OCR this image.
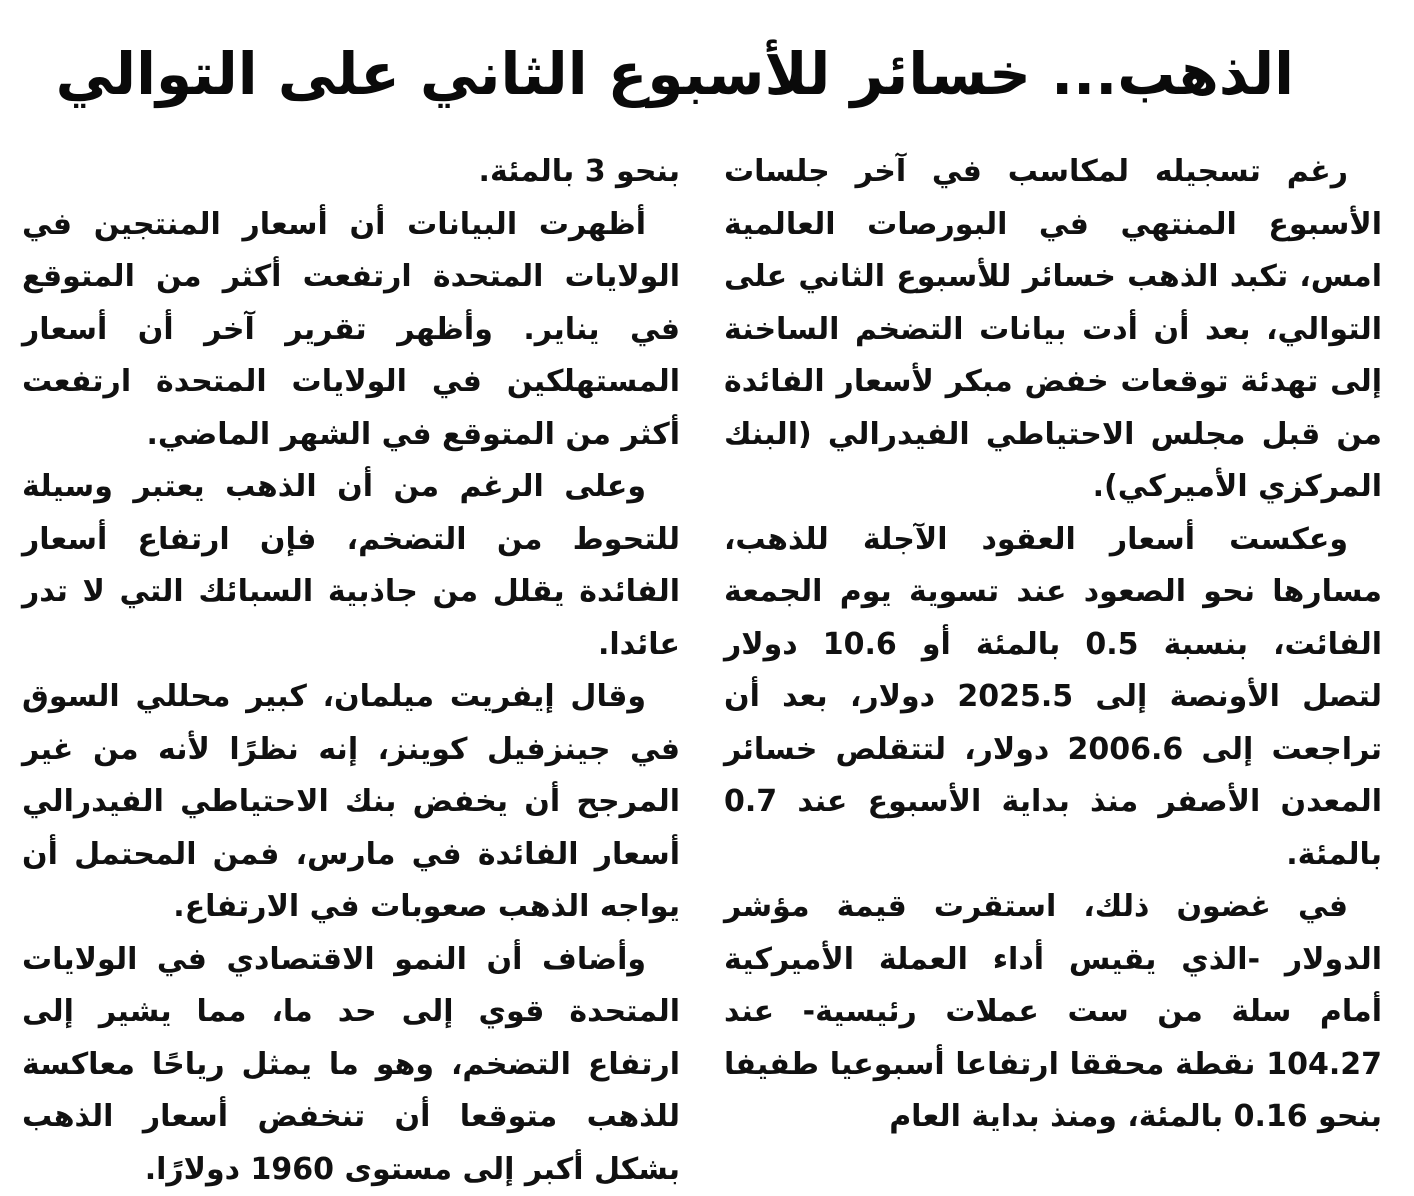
الذهب... خسائر للأسبوع الثاني على التوالي

رغم تسجيله لمكاسب في آخر جلسات الأسبوع المنتهي في البورصات العالمية امس، تكبد الذهب خسائر للأسبوع الثاني على التوالي، بعد أن أدت بيانات التضخم الساخنة إلى تهدئة توقعات خفض مبكر لأسعار الفائدة من قبل مجلس الاحتياطي الفيدرالي (البنك المركزي الأميركي).

وعكست أسعار العقود الآجلة للذهب، مسارها نحو الصعود عند تسوية يوم الجمعة الفائت، بنسبة 0.5 بالمئة أو 10.6 دولار لتصل الأونصة إلى 2025.5 دولار، بعد أن تراجعت إلى 2006.6 دولار، لتتقلص خسائر المعدن الأصفر منذ بداية الأسبوع عند 0.7 بالمئة.

في غضون ذلك، استقرت قيمة مؤشر الدولار -الذي يقيس أداء العملة الأميركية أمام سلة من ست عملات رئيسية- عند 104.27 نقطة محققا ارتفاعا أسبوعيا طفيفا بنحو 0.16 بالمئة، ومنذ بداية العام

بنحو 3 بالمئة.

أظهرت البيانات أن أسعار المنتجين في الولايات المتحدة ارتفعت أكثر من المتوقع في يناير. وأظهر تقرير آخر أن أسعار المستهلكين في الولايات المتحدة ارتفعت أكثر من المتوقع في الشهر الماضي.

وعلى الرغم من أن الذهب يعتبر وسيلة للتحوط من التضخم، فإن ارتفاع أسعار الفائدة يقلل من جاذبية السبائك التي لا تدر عائدا.

وقال إيفريت ميلمان، كبير محللي السوق في جينزفيل كوينز، إنه نظرًا لأنه من غير المرجح أن يخفض بنك الاحتياطي الفيدرالي أسعار الفائدة في مارس، فمن المحتمل أن يواجه الذهب صعوبات في الارتفاع.

وأضاف أن النمو الاقتصادي في الولايات المتحدة قوي إلى حد ما، مما يشير إلى ارتفاع التضخم، وهو ما يمثل رياحًا معاكسة للذهب متوقعا أن تنخفض أسعار الذهب بشكل أكبر إلى مستوى 1960 دولارًا.
